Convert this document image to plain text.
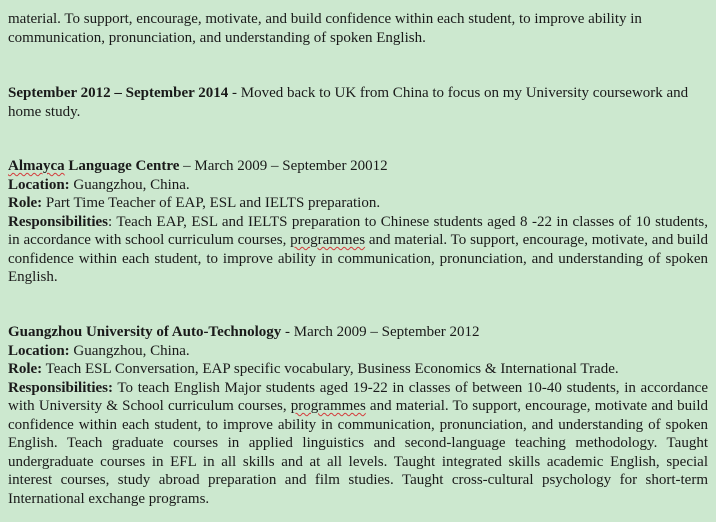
material. To support, encourage, motivate, and build confidence within each student, to improve ability in communication, pronunciation, and understanding of spoken English.

September 2012 – September 2014 - Moved back to UK from China to focus on my University coursework and home study.

Almayca Language Centre – March 2009 – September 20012

Location: Guangzhou, China.

Role: Part Time Teacher of EAP, ESL and IELTS preparation.

Responsibilities: Teach EAP, ESL and IELTS preparation to Chinese students aged 8 -22 in classes of 10 students, in accordance with school curriculum courses, programmes and material. To support, encourage, motivate, and build confidence within each student, to improve ability in communication, pronunciation, and understanding of spoken English.

Guangzhou University of Auto-Technology - March 2009 – September 2012

Location: Guangzhou, China.

Role: Teach ESL Conversation, EAP specific vocabulary, Business Economics & International Trade.

Responsibilities: To teach English Major students aged 19-22 in classes of between 10-40 students, in accordance with University & School curriculum courses, programmes and material. To support, encourage, motivate and build confidence within each student, to improve ability in communication, pronunciation, and understanding of spoken English. Teach graduate courses in applied linguistics and second-language teaching methodology. Taught undergraduate courses in EFL in all skills and at all levels. Taught integrated skills academic English, special interest courses, study abroad preparation and film studies. Taught cross-cultural psychology for short-term International exchange programs.
